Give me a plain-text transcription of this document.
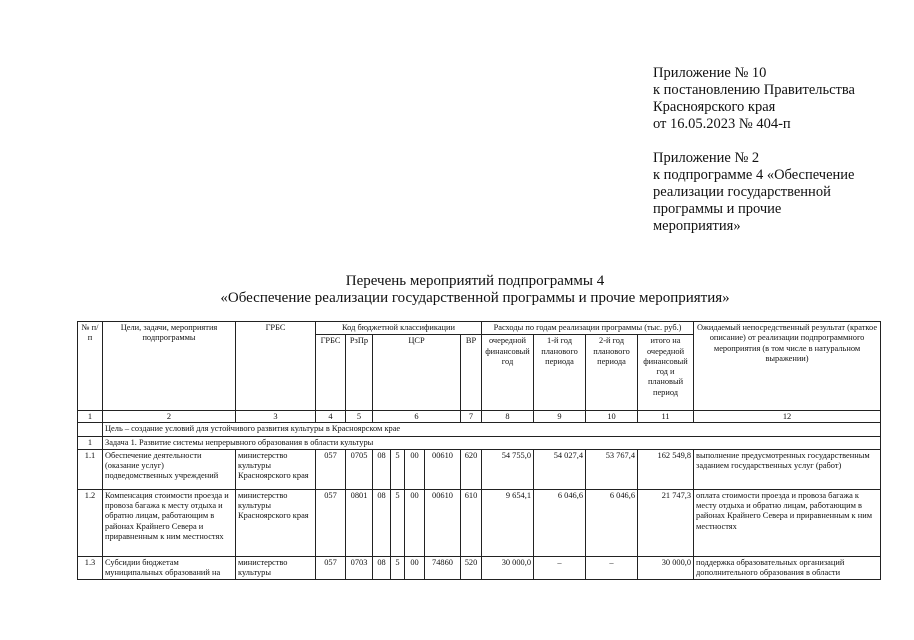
Приложение № 10
к постановлению Правительства
Красноярского края
от 16.05.2023 № 404-п
Приложение № 2
к подпрограмме 4 «Обеспечение
реализации государственной
программы и прочие
мероприятия»
Перечень мероприятий подпрограммы 4
«Обеспечение реализации государственной программы и прочие мероприятия»
№ п/п	Цели, задачи, мероприятия подпрограммы	ГРБС	Код бюджетной классификации							Расходы по годам реализации программы (тыс. руб.)				Ожидаемый непосредственный результат (краткое описание) от реализации подпрограммного мероприятия (в том числе в натуральном выражении)
			ГРБС	РзПр	ЦСР				ВР	очередной финансовый год	1-й год планового периода	2-й год планового периода	итого на очередной финансовый год и плановый период	
1	2	3	4	5	6				7	8	9	10	11	12
	Цель – создание условий для устойчивого развития культуры в Красноярском крае													
1	Задача 1. Развитие системы непрерывного образования в области культуры													
1.1	Обеспечение деятельности (оказание услуг) подведомственных учреждений	министерство культуры Красноярского края	057	0705	08	5	00	00610	620	54 755,0	54 027,4	53 767,4	162 549,8	выполнение предусмотренных государственным заданием государственных услуг (работ)
1.2	Компенсация стоимости проезда и провоза багажа к месту отдыха и обратно лицам, работающим в районах Крайнего Севера и приравненным к ним местностях	министерство культуры Красноярского края	057	0801	08	5	00	00610	610	9 654,1	6 046,6	6 046,6	21 747,3	оплата стоимости проезда и провоза багажа к месту отдыха и обратно лицам, работающим в районах Крайнего Севера и приравненным к ним местностях
1.3	Субсидии бюджетам муниципальных образований на	министерство культуры	057	0703	08	5	00	74860	520	30 000,0	–	–	30 000,0	поддержка образовательных организаций дополнительного образования в области
